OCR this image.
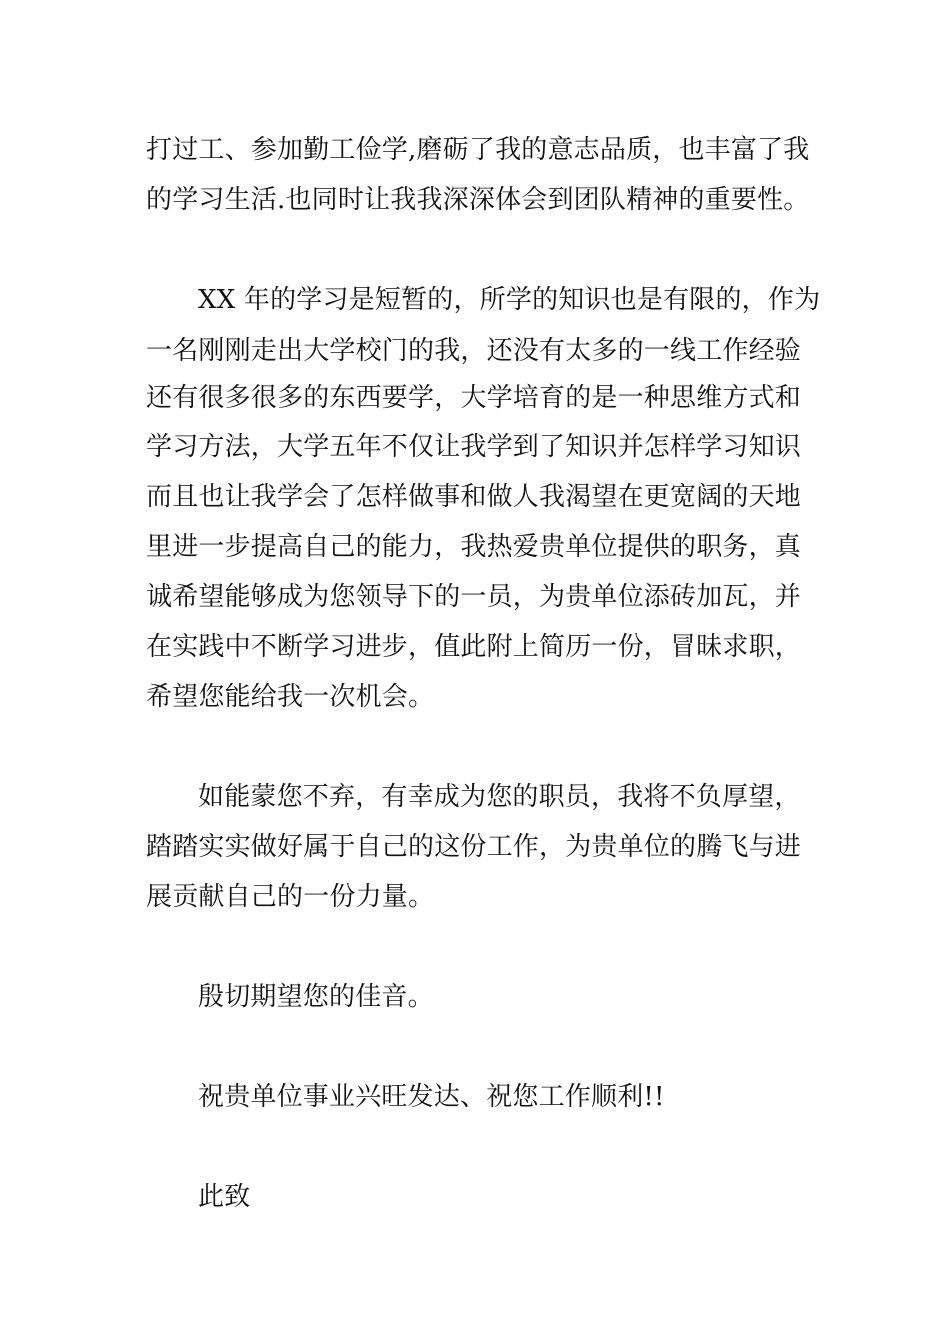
打过工、参加勤工俭学,磨砺了我的意志品质，也丰富了我
的学习生活.也同时让我我深深体会到团队精神的重要性。
XX 年的学习是短暂的，所学的知识也是有限的，作为
一名刚刚走出大学校门的我，还没有太多的一线工作经验
还有很多很多的东西要学，大学培育的是一种思维方式和
学习方法，大学五年不仅让我学到了知识并怎样学习知识
而且也让我学会了怎样做事和做人我渴望在更宽阔的天地
里进一步提高自己的能力，我热爱贵单位提供的职务，真
诚希望能够成为您领导下的一员，为贵单位添砖加瓦，并
在实践中不断学习进步，值此附上简历一份，冒昧求职，
希望您能给我一次机会。
如能蒙您不弃，有幸成为您的职员，我将不负厚望，
踏踏实实做好属于自己的这份工作，为贵单位的腾飞与进
展贡献自己的一份力量。
殷切期望您的佳音。
祝贵单位事业兴旺发达、祝您工作顺利!!
此致
